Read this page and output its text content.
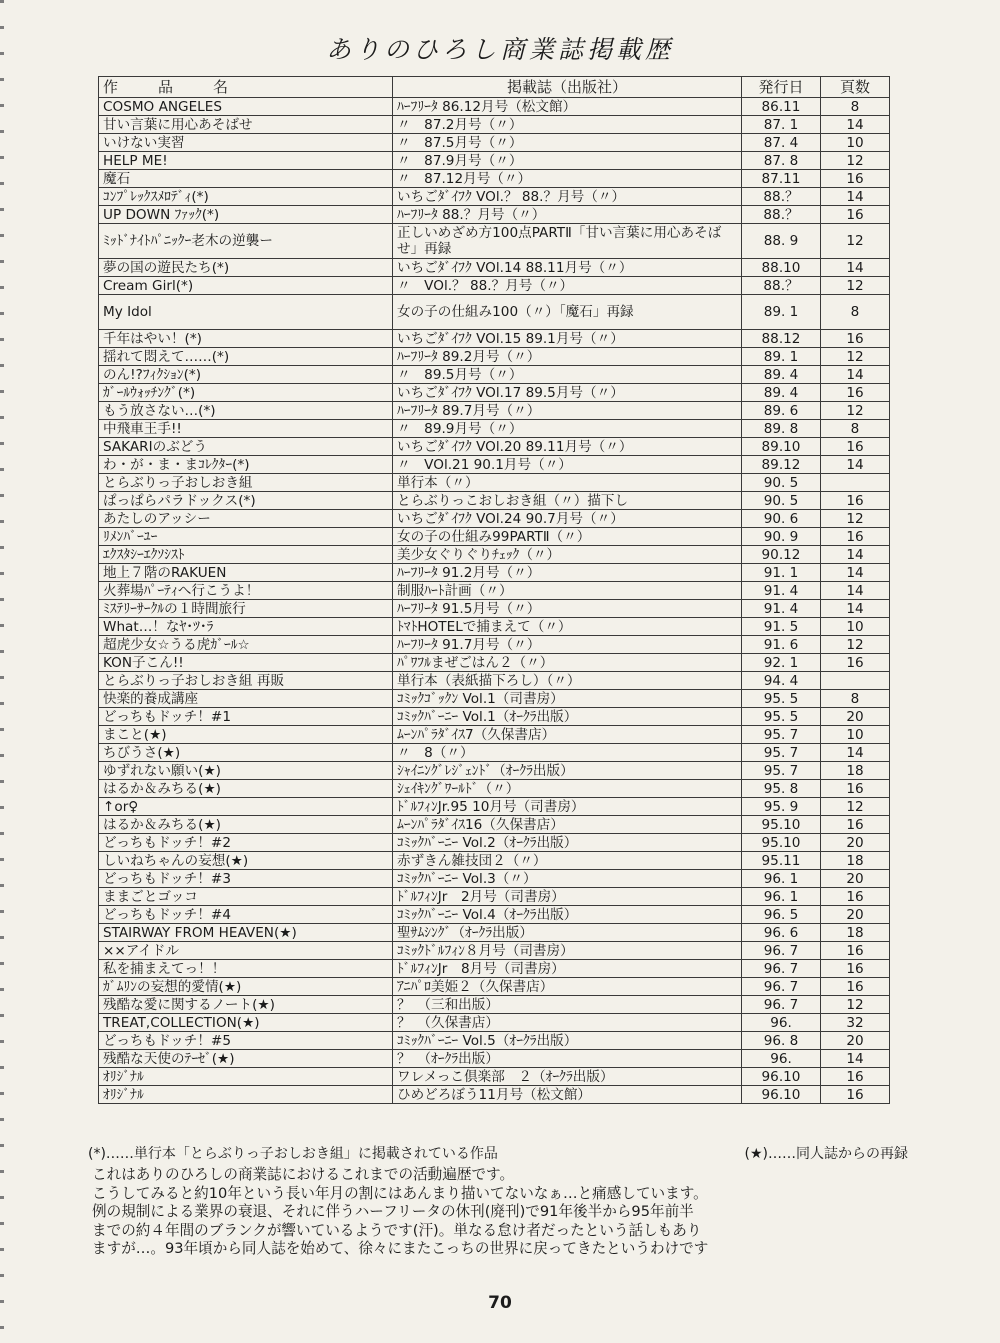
ありのひろし商業誌掲載歴
作品名	掲載誌（出版社）	発行日	頁数
COSMO ANGELES	ﾊｰﾌﾘｰﾀ 86.12月号（松文館）	86.11	8
甘い言葉に用心あそばせ	〃　87.2月号（〃）	87. 1	14
いけない実習	〃　87.5月号（〃）	87. 4	10
HELP ME!	〃　87.9月号（〃）	87. 8	12
魔石	〃　87.12月号（〃）	87.11	16
ｺﾝﾌﾟﾚｯｸｽﾒﾛﾃﾞｨ(*)	いちごﾀﾞｲﾌｸ VOl.？ 88.？月号（〃）	88.？	14
UP DOWN ﾌｧｯｸ(*)	ﾊｰﾌﾘｰﾀ 88.？月号（〃）	88.？	16
ﾐｯﾄﾞﾅｲﾄﾊﾟﾆｯｸｰ老木の逆襲ー	正しいめざめ方100点PARTⅡ「甘い言葉に用心あそばせ」再録	88. 9	12
夢の国の遊民たち(*)	いちごﾀﾞｲﾌｸ VOl.14 88.11月号（〃）	88.10	14
Cream Girl(*)	〃　VOl.？ 88.？月号（〃）	88.？	12
My Idol	女の子の仕組み100（〃）「魔石」再録	89. 1	8
千年はやい！(*)	いちごﾀﾞｲﾌｸ VOl.15 89.1月号（〃）	88.12	16
揺れて悶えて……(*)	ﾊｰﾌﾘｰﾀ 89.2月号（〃）	89. 1	12
のん!?ﾌｨｸｼｮﾝ(*)	〃　89.5月号（〃）	89. 4	14
ｶﾞｰﾙｳｫｯﾁﾝｸﾞ(*)	いちごﾀﾞｲﾌｸ VOl.17 89.5月号（〃）	89. 4	16
もう放さない…(*)	ﾊｰﾌﾘｰﾀ 89.7月号（〃）	89. 6	12
中飛車王手!!	〃　89.9月号（〃）	89. 8	8
SAKARIのぶどう	いちごﾀﾞｲﾌｸ VOl.20 89.11月号（〃）	89.10	16
わ・が・ま・まｺﾚｸﾀｰ(*)	〃　VOl.21 90.1月号（〃）	89.12	14
とらぶりっ子おしおき組	単行本（〃）	90. 5	
ぱっぱらパラドックス(*)	とらぶりっこおしおき組（〃）描下し	90. 5	16
あたしのアッシー	いちごﾀﾞｲﾌｸ VOl.24 90.7月号（〃）	90. 6	12
ﾘﾒﾝﾊﾞｰﾕｰ	女の子の仕組み99PARTⅡ（〃）	90. 9	16
ｴｸｽﾀｼｰｴｸｿｼｽﾄ	美少女ぐりぐりﾁｪｯｸ（〃）	90.12	14
地上７階のRAKUEN	ﾊｰﾌﾘｰﾀ 91.2月号（〃）	91. 1	14
火葬場ﾊﾟｰﾃｨへ行こうよ！	制服ﾊｰﾄ計画（〃）	91. 4	14
ﾐｽﾃﾘｰｻｰｸﾙの１時間旅行	ﾊｰﾌﾘｰﾀ 91.5月号（〃）	91. 4	14
What…！なﾔ･ﾂ･ﾗ	ﾄﾏﾄHOTELで捕まえて（〃）	91. 5	10
超虎少女☆うる虎ｶﾞｰﾙ☆	ﾊｰﾌﾘｰﾀ 91.7月号（〃）	91. 6	12
KON子こん!!	ﾊﾟﾜﾌﾙまぜごはん２（〃）	92. 1	16
とらぶりっ子おしおき組 再販	単行本（表紙描下ろし）（〃）	94. 4	
快楽的養成講座	ｺﾐｯｸｺﾞｯｸﾝ Vol.1（司書房）	95. 5	8
どっちもドッチ！#1	ｺﾐｯｸﾊﾞｰﾆｰ Vol.1（ｵｰｸﾗ出版）	95. 5	20
まこと(★)	ﾑｰﾝﾊﾟﾗﾀﾞｲｽ7（久保書店）	95. 7	10
ちびうさ(★)	〃　8（〃）	95. 7	14
ゆずれない願い(★)	ｼｬｲﾆﾝｸﾞﾚｼﾞｪﾝﾄﾞ（ｵｰｸﾗ出版）	95. 7	18
はるか＆みちる(★)	ｼｪｲｷﾝｸﾞﾜｰﾙﾄﾞ（〃）	95. 8	16
↑or♀	ﾄﾞﾙﾌｨﾝJr.95 10月号（司書房）	95. 9	12
はるか＆みちる(★)	ﾑｰﾝﾊﾟﾗﾀﾞｲｽ16（久保書店）	95.10	16
どっちもドッチ！#2	ｺﾐｯｸﾊﾞｰﾆｰ Vol.2（ｵｰｸﾗ出版）	95.10	20
しいねちゃんの妄想(★)	赤ずきん雑技団２（〃）	95.11	18
どっちもドッチ！#3	ｺﾐｯｸﾊﾞｰﾆｰ Vol.3（〃）	96. 1	20
ままごとゴッコ	ﾄﾞﾙﾌｨﾝJr　2月号（司書房）	96. 1	16
どっちもドッチ！#4	ｺﾐｯｸﾊﾞｰﾆｰ Vol.4（ｵｰｸﾗ出版）	96. 5	20
STAIRWAY FROM HEAVEN(★)	聖ｻﾑｼﾝｸﾞ（ｵｰｸﾗ出版）	96. 6	18
××アイドル	ｺﾐｯｸﾄﾞﾙﾌｨﾝ８月号（司書房）	96. 7	16
私を捕まえてっ！！	ﾄﾞﾙﾌｨﾝJr　8月号（司書房）	96. 7	16
ｶﾞﾑﾘﾝの妄想的愛情(★)	ｱﾆﾊﾟﾛ美姫２（久保書店）	96. 7	16
残酷な愛に関するノート(★)	？　（三和出版）	96. 7	12
TREAT,COLLECTION(★)	？　（久保書店）	96.	32
どっちもドッチ！#5	ｺﾐｯｸﾊﾞｰﾆｰ Vol.5（ｵｰｸﾗ出版）	96. 8	20
残酷な天使のﾃｰｾﾞ(★)	？　（ｵｰｸﾗ出版）	96.	14
ｵﾘｼﾞﾅﾙ	ワレメっこ倶楽部　２（ｵｰｸﾗ出版）	96.10	16
ｵﾘｼﾞﾅﾙ	ひめどろぼう11月号（松文館）	96.10	16
(*)……単行本「とらぶりっ子おしおき組」に掲載されている作品	(★)……同人誌からの再録

これはありのひろしの商業誌におけるこれまでの活動遍歴です。

こうしてみると約10年という長い年月の割にはあんまり描いてないなぁ…と痛感しています。

例の規制による業界の衰退、それに伴うハーフリータの休刊(廃刊)で91年後半から95年前半

までの約４年間のブランクが響いているようです(汗)。単なる怠け者だったという話しもあり

ますが…。93年頃から同人誌を始めて、徐々にまたこっちの世界に戻ってきたというわけです

70
